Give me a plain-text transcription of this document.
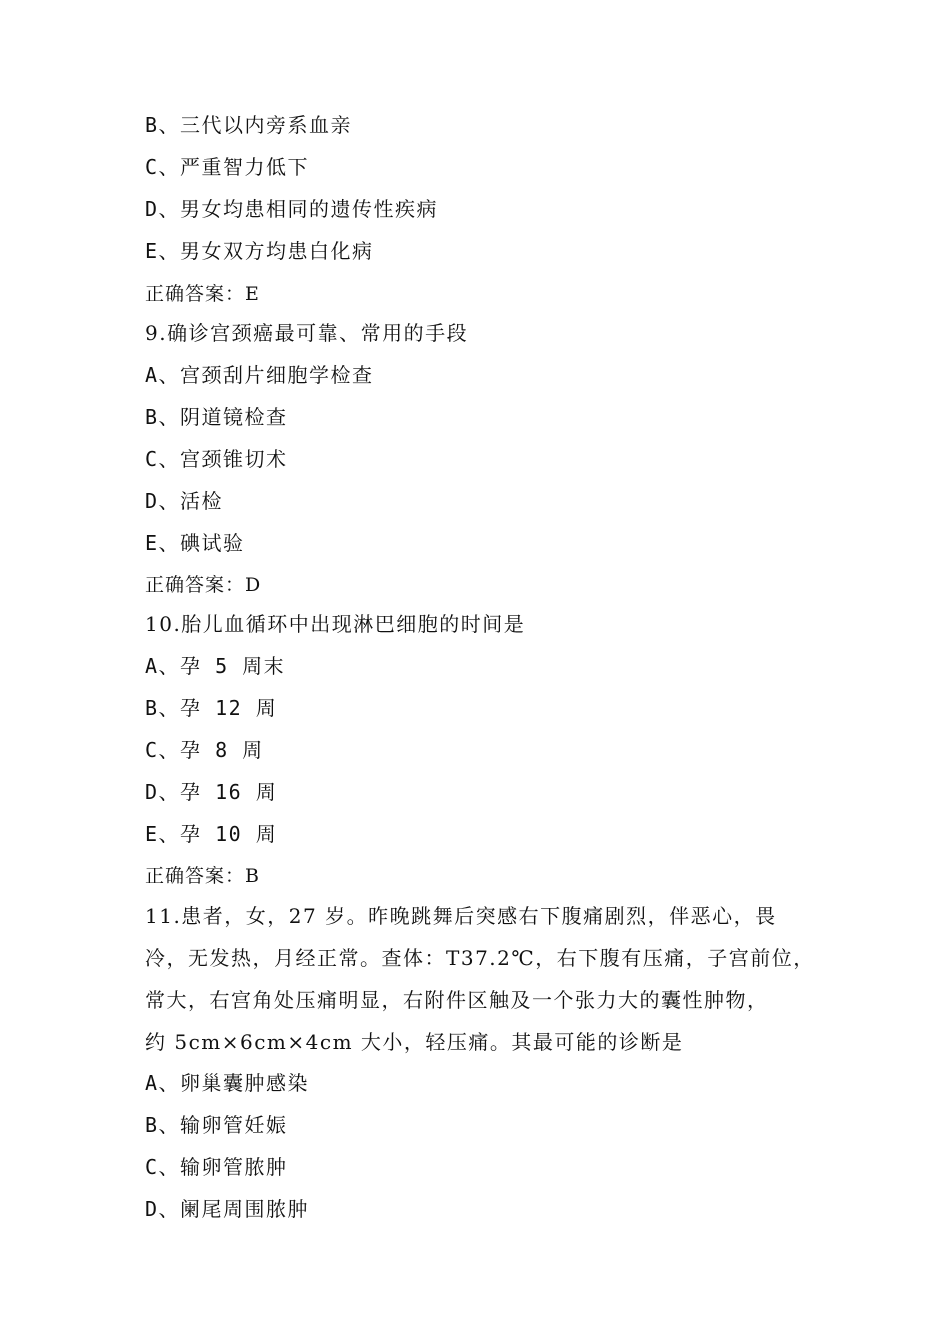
B、三代以内旁系血亲
C、严重智力低下
D、男女均患相同的遗传性疾病
E、男女双方均患白化病
正确答案：E
9.确诊宫颈癌最可靠、常用的手段
A、宫颈刮片细胞学检查
B、阴道镜检查
C、宫颈锥切术
D、活检
E、碘试验
正确答案：D
10.胎儿血循环中出现淋巴细胞的时间是
A、孕 5 周末
B、孕 12 周
C、孕 8 周
D、孕 16 周
E、孕 10 周
正确答案：B
11.患者，女，27 岁。昨晚跳舞后突感右下腹痛剧烈，伴恶心，畏
冷，无发热，月经正常。查体：T37.2℃，右下腹有压痛，子宫前位，
常大，右宫角处压痛明显，右附件区触及一个张力大的囊性肿物，
约 5cm×6cm×4cm 大小，轻压痛。其最可能的诊断是
A、卵巢囊肿感染
B、输卵管妊娠
C、输卵管脓肿
D、阑尾周围脓肿
